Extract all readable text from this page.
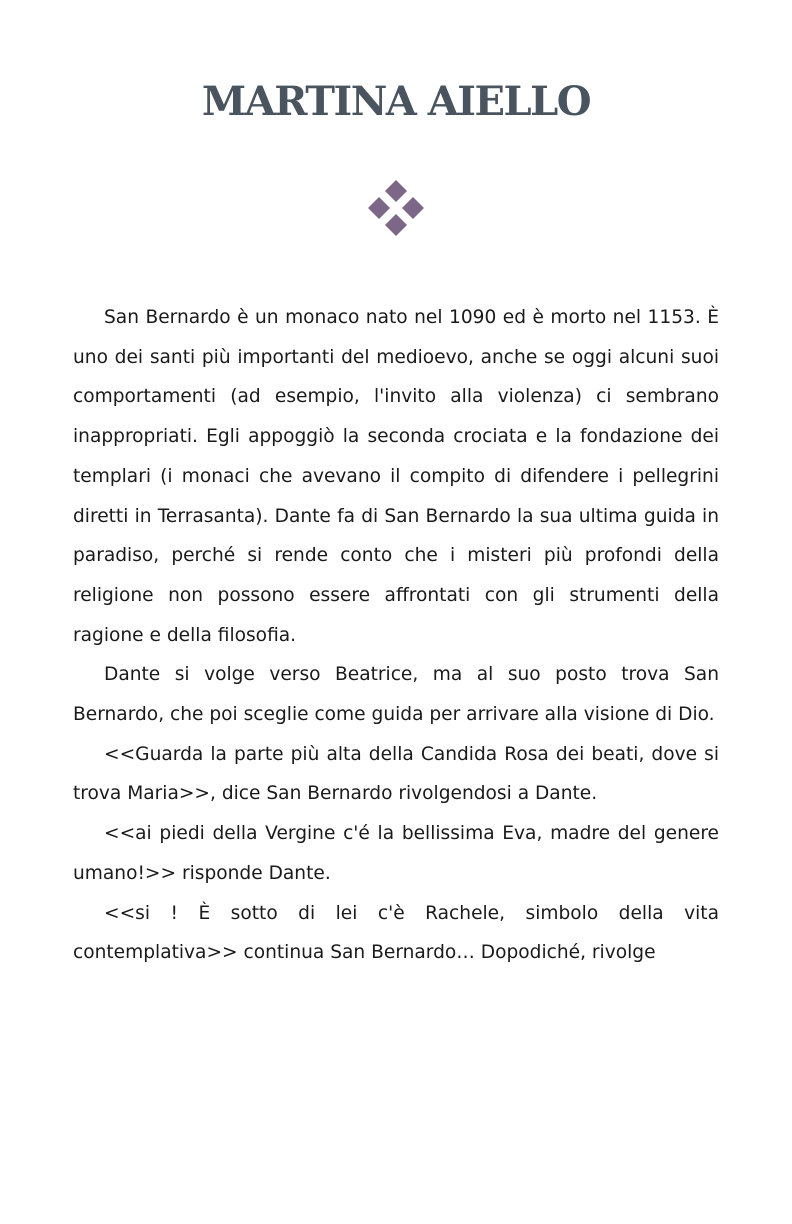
MARTINA AIELLO

San Bernardo è un monaco nato nel 1090 ed è morto nel 1153. È uno dei santi più importanti del medioevo, anche se oggi alcuni suoi comportamenti (ad esempio, l'invito alla violenza) ci sembrano inappropriati. Egli appoggiò la seconda crociata e la fondazione dei templari (i monaci che avevano il compito di difendere i pellegrini diretti in Terrasanta). Dante fa di San Bernardo la sua ultima guida in paradiso, perché si rende conto che i misteri più profondi della religione non possono essere affrontati con gli strumenti della ragione e della filosofia.

Dante si volge verso Beatrice, ma al suo posto trova San Bernardo, che poi sceglie come guida per arrivare alla visione di Dio.

<<Guarda la parte più alta della Candida Rosa dei beati, dove si trova Maria>>, dice San Bernardo rivolgendosi a Dante.

<<ai piedi della Vergine c'é la bellissima Eva, madre del genere umano!>> risponde Dante.

<<si ! È sotto di lei c'è Rachele, simbolo della vita contemplativa>> continua San Bernardo… Dopodiché, rivolge
